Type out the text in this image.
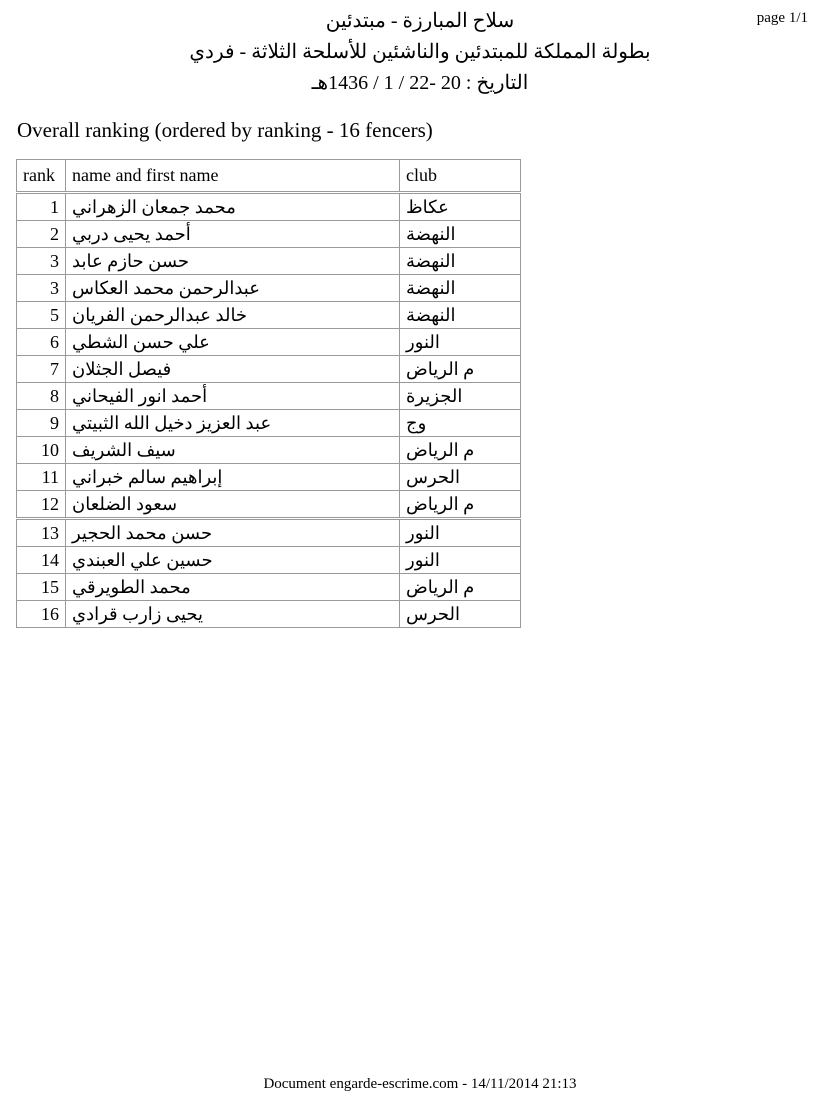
page 1/1
سلاح المبارزة - مبتدئين
بطولة المملكة للمبتدئين والناشئين للأسلحة الثلاثة - فردي
التاريخ : 20 -22 / 1 / 1436هـ
Overall ranking (ordered by ranking - 16 fencers)
rank	name and first name	club
1	محمد جمعان الزهراني	عكاظ
2	أحمد يحيى دربي	النهضة
3	حسن حازم عابد	النهضة
3	عبدالرحمن محمد العكاس	النهضة
5	خالد عبدالرحمن الفريان	النهضة
6	علي حسن الشطي	النور
7	فيصل الجثلان	م الرياض
8	أحمد انور الفيحاني	الجزيرة
9	عبد العزيز دخيل الله الثبيتي	وج
10	سيف الشريف	م الرياض
11	إبراهيم سالم خبراني	الحرس
12	سعود الضلعان	م الرياض
13	حسن محمد الحجير	النور
14	حسين علي العبندي	النور
15	محمد الطويرقي	م الرياض
16	يحيى زارب قرادي	الحرس
Document engarde-escrime.com - 14/11/2014 21:13
